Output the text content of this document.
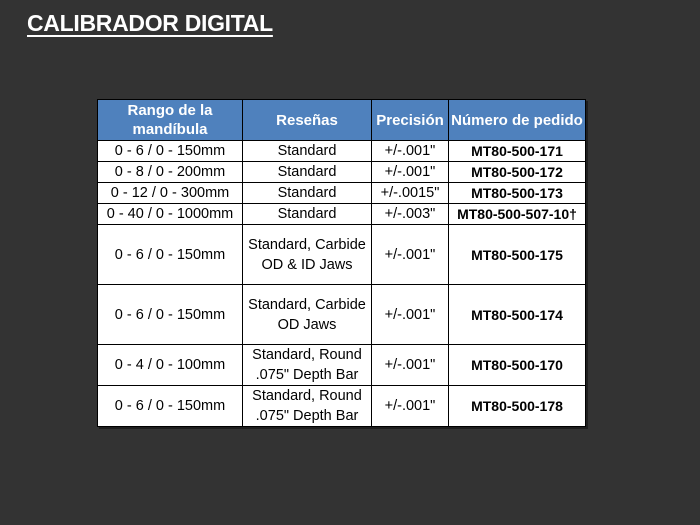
CALIBRADOR DIGITAL
Rango de la mandíbula	Reseñas	Precisión	Número de pedido
0 - 6 / 0 - 150mm	Standard	+/-.001"	MT80-500-171
0 - 8 / 0 - 200mm	Standard	+/-.001"	MT80-500-172
0 - 12 / 0 - 300mm	Standard	+/-.0015"	MT80-500-173
0 - 40 / 0 - 1000mm	Standard	+/-.003"	MT80-500-507-10†
0 - 6 / 0 - 150mm	Standard, Carbide OD & ID Jaws	+/-.001"	MT80-500-175
0 - 6 / 0 - 150mm	Standard, Carbide OD Jaws	+/-.001"	MT80-500-174
0 - 4 / 0 - 100mm	Standard, Round .075" Depth Bar	+/-.001"	MT80-500-170
0 - 6 / 0 - 150mm	Standard, Round .075" Depth Bar	+/-.001"	MT80-500-178
